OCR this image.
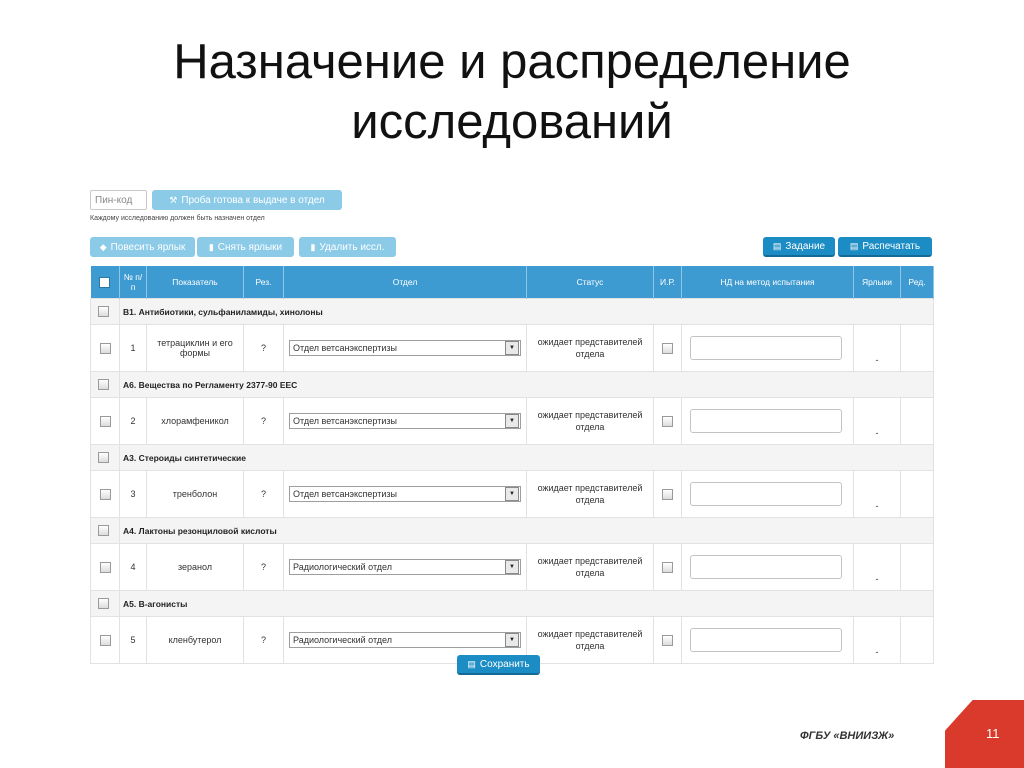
Назначение и распределение
исследований
Пин-код
⚒ Проба готова к выдаче в отдел
Каждому исследованию должен быть назначен отдел
◆ Повесить ярлык	▮ Снять ярлыки	▮ Удалить иссл.	▤ Задание	▤ Распечатать
	№ п/п	Показатель	Рез.	Отдел	Статус	И.Р.	НД на метод испытания	Ярлыки	Ред.
	В1. Антибиотики, сульфаниламиды, хинолоны								
	1	тетрациклин и его формы	?	Отдел ветсанэкспертизы ▼	ожидает представителей отдела			-	
	А6. Вещества по Регламенту 2377-90 ЕЕС								
	2	хлорамфеникол	?	Отдел ветсанэкспертизы ▼	ожидает представителей отдела			-	
	А3. Стероиды синтетические								
	3	тренболон	?	Отдел ветсанэкспертизы ▼	ожидает представителей отдела			-	
	А4. Лактоны резонциловой кислоты								
	4	зеранол	?	Радиологический отдел ▼	ожидает представителей отдела			-	
	А5. В-агонисты								
	5	кленбутерол	?	Радиологический отдел ▼	ожидает представителей отдела			-	
▤ Сохранить
ФГБУ «ВНИИЗЖ»	11
